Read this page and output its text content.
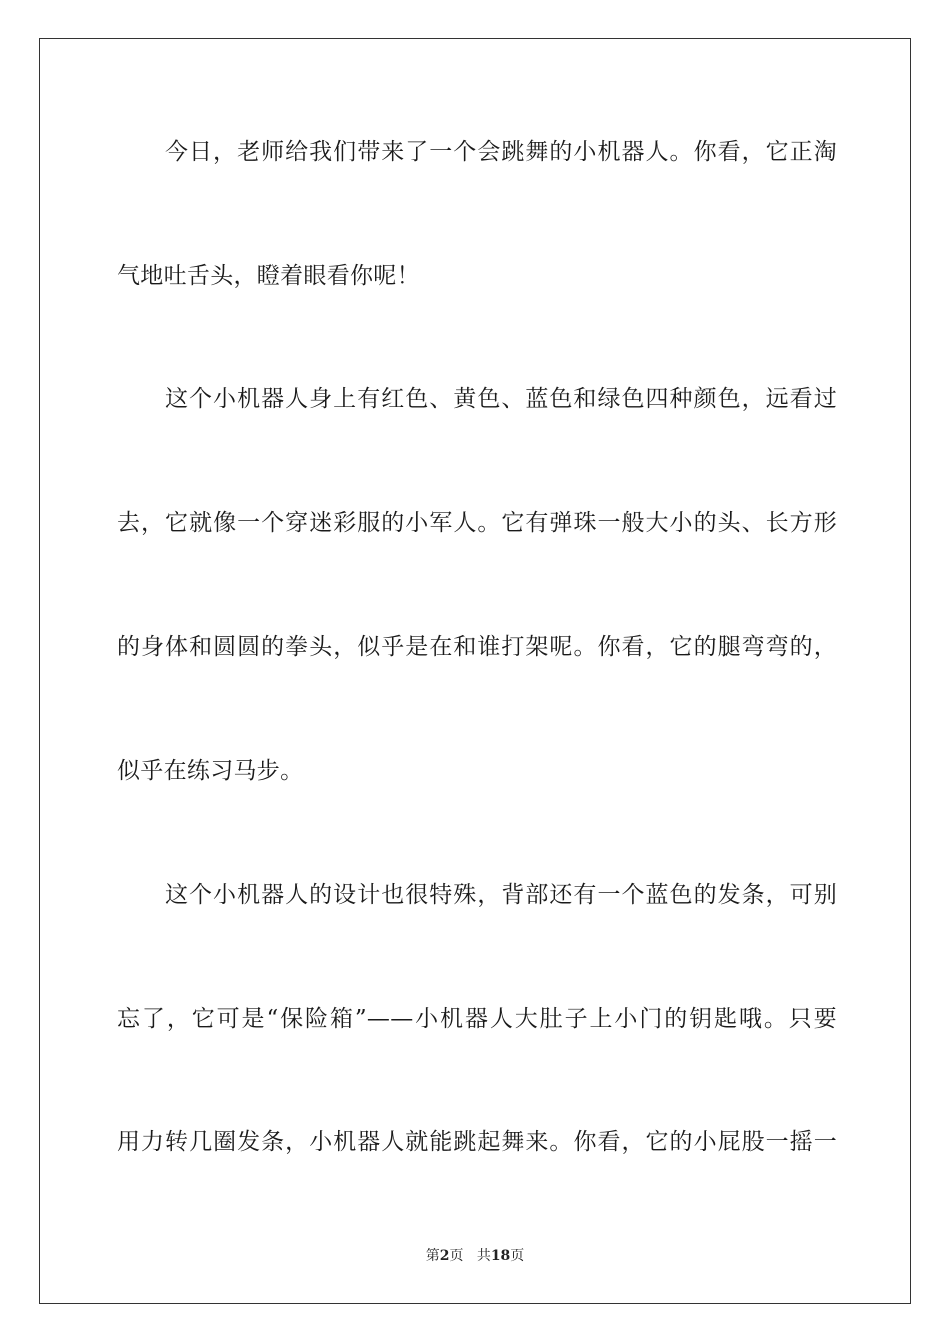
今日，老师给我们带来了一个会跳舞的小机器人。你看，它正淘
气地吐舌头，瞪着眼看你呢！
这个小机器人身上有红色、黄色、蓝色和绿色四种颜色，远看过
去，它就像一个穿迷彩服的小军人。它有弹珠一般大小的头、长方形
的身体和圆圆的拳头，似乎是在和谁打架呢。你看，它的腿弯弯的，
似乎在练习马步。
这个小机器人的设计也很特殊，背部还有一个蓝色的发条，可别
忘了，它可是“保险箱”——小机器人大肚子上小门的钥匙哦。只要
用力转几圈发条，小机器人就能跳起舞来。你看，它的小屁股一摇一
第2页 共18页
